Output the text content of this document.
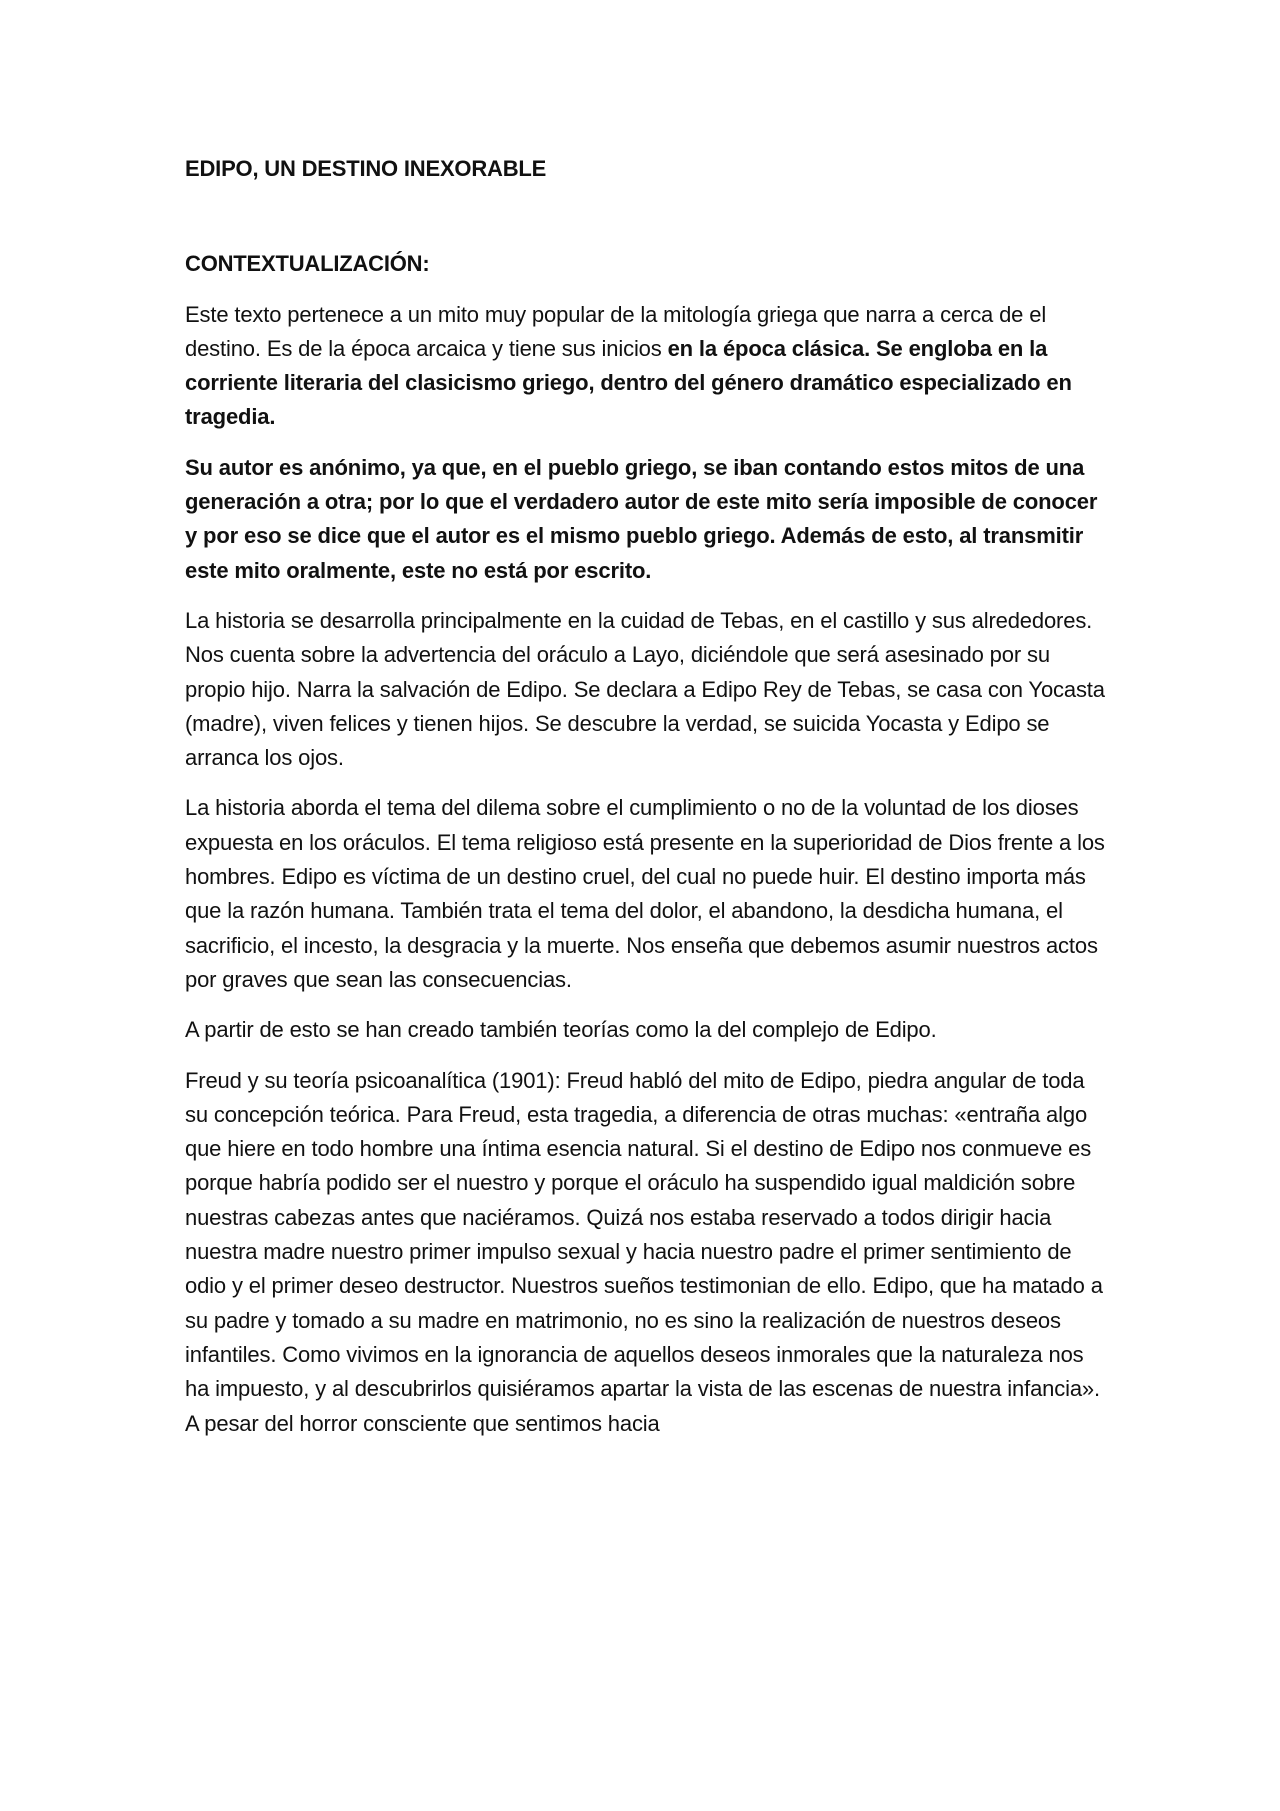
EDIPO, UN DESTINO INEXORABLE
CONTEXTUALIZACIÓN:

Este texto pertenece a un mito muy popular de la mitología griega que narra a cerca de el destino. Es de la época arcaica y tiene sus inicios en la época clásica. Se engloba en la corriente literaria del clasicismo griego, dentro del género dramático especializado en tragedia.

Su autor es anónimo, ya que, en el pueblo griego, se iban contando estos mitos de una generación a otra; por lo que el verdadero autor de este mito sería imposible de conocer y por eso se dice que el autor es el mismo pueblo griego. Además de esto, al transmitir este mito oralmente, este no está por escrito.

La historia se desarrolla principalmente en la cuidad de Tebas, en el castillo y sus alrededores. Nos cuenta sobre la advertencia del oráculo a Layo, diciéndole que será asesinado por su propio hijo. Narra la salvación de Edipo. Se declara a Edipo Rey de Tebas, se casa con Yocasta (madre), viven felices y tienen hijos. Se descubre la verdad, se suicida Yocasta y Edipo se arranca los ojos.

La historia aborda el tema del dilema sobre el cumplimiento o no de la voluntad de los dioses expuesta en los oráculos. El tema religioso está presente en la superioridad de Dios frente a los hombres. Edipo es víctima de un destino cruel, del cual no puede huir. El destino importa más que la razón humana. También trata el tema del dolor, el abandono, la desdicha humana, el sacrificio, el incesto, la desgracia y la muerte. Nos enseña que debemos asumir nuestros actos por graves que sean las consecuencias.

A partir de esto se han creado también teorías como la del complejo de Edipo.

Freud y su teoría psicoanalítica (1901): Freud habló del mito de Edipo, piedra angular de toda su concepción teórica. Para Freud, esta tragedia, a diferencia de otras muchas: «entraña algo que hiere en todo hombre una íntima esencia natural. Si el destino de Edipo nos conmueve es porque habría podido ser el nuestro y porque el oráculo ha suspendido igual maldición sobre nuestras cabezas antes que naciéramos. Quizá nos estaba reservado a todos dirigir hacia nuestra madre nuestro primer impulso sexual y hacia nuestro padre el primer sentimiento de odio y el primer deseo destructor. Nuestros sueños testimonian de ello. Edipo, que ha matado a su padre y tomado a su madre en matrimonio, no es sino la realización de nuestros deseos infantiles. Como vivimos en la ignorancia de aquellos deseos inmorales que la naturaleza nos ha impuesto, y al descubrirlos quisiéramos apartar la vista de las escenas de nuestra infancia». A pesar del horror consciente que sentimos hacia
